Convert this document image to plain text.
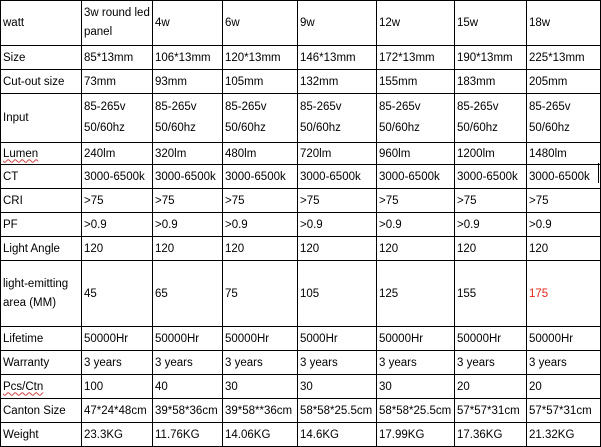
watt	3w round led panel	4w	6w	9w	12w	15w	18w
Size	85*13mm	106*13mm	120*13mm	146*13mm	172*13mm	190*13mm	225*13mm
Cut-out size	73mm	93mm	105mm	132mm	155mm	183mm	205mm
Input	85-265v 50/60hz	85-265v 50/60hz	85-265v 50/60hz	85-265v 50/60hz	85-265v 50/60hz	85-265v 50/60hz	85-265v 50/60hz
Lumen	240lm	320lm	480lm	720lm	960lm	1200lm	1480lm
CT	3000-6500k	3000-6500k	3000-6500k	3000-6500k	3000-6500k	3000-6500k	3000-6500k
CRI	>75	>75	>75	>75	>75	>75	>75
PF	>0.9	>0.9	>0.9	>0.9	>0.9	>0.9	>0.9
Light Angle	120	120	120	120	120	120	120
light-emitting area (MM)	45	65	75	105	125	155	175
Lifetime	50000Hr	50000Hr	50000Hr	5000Hr	50000Hr	50000Hr	50000Hr
Warranty	3 years	3 years	3 years	3 years	3 years	3 years	3 years
Pcs/Ctn	100	40	30	30	30	20	20
Canton Size	47*24*48cm	39*58*36cm	39*58**36cm	58*58*25.5cm	58*58*25.5cm	57*57*31cm	57*57*31cm
Weight	23.3KG	11.76KG	14.06KG	14.6KG	17.99KG	17.36KG	21.32KG
